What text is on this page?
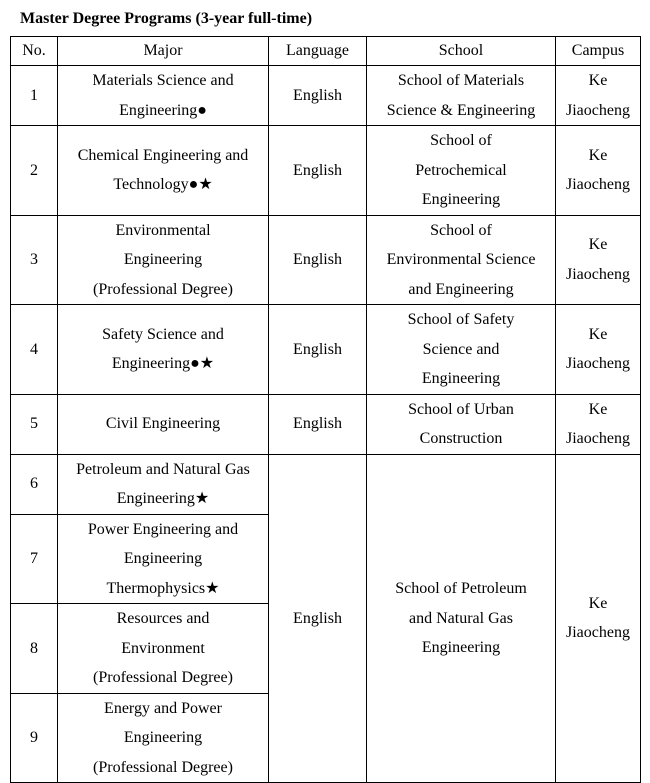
Master Degree Programs (3-year full-time)
No.	Major	Language	School	Campus
1	Materials Science and
Engineering●	English	School of Materials
Science & Engineering	Ke
Jiaocheng

2	Chemical Engineering and
Technology●★	English	School of
Petrochemical
Engineering	Ke
Jiaocheng

3	Environmental
Engineering
(Professional Degree)	English	School of
Environmental Science
and Engineering	Ke
Jiaocheng

4	Safety Science and
Engineering●★	English	School of Safety
Science and
Engineering	Ke
Jiaocheng

5	Civil Engineering	English	School of Urban
Construction	Ke
Jiaocheng

6	Petroleum and Natural Gas
Engineering★	English	School of Petroleum
and Natural Gas
Engineering	Ke
Jiaocheng

7	Power Engineering and
Engineering
Thermophysics★			

8	Resources and
Environment
(Professional Degree)			

9	Energy and Power
Engineering
(Professional Degree)			
